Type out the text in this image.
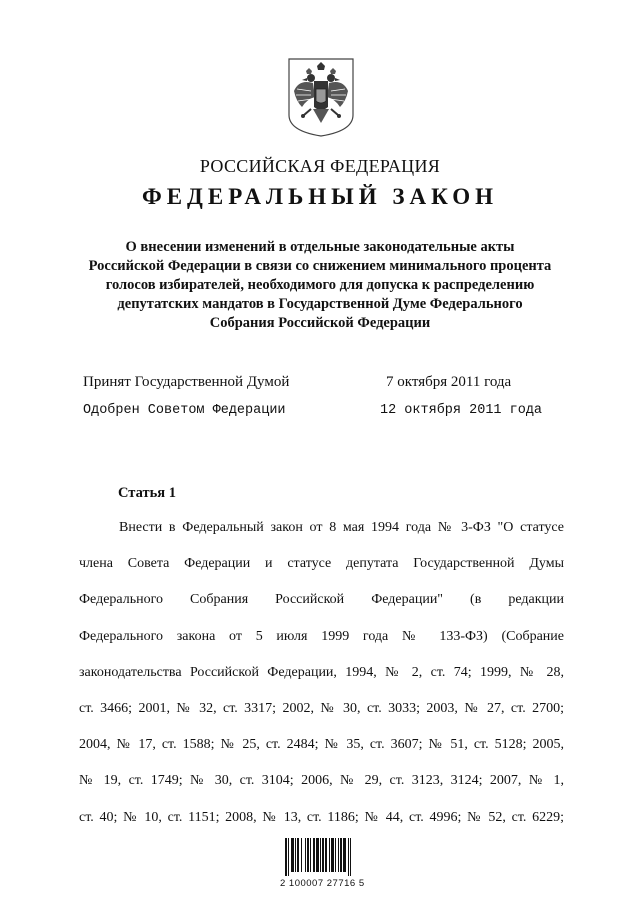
РОССИЙСКАЯ ФЕДЕРАЦИЯ
ФЕДЕРАЛЬНЫЙ ЗАКОН
О внесении изменений в отдельные законодательные акты
Российской Федерации в связи со снижением минимального процента
голосов избирателей, необходимого для допуска к распределению
депутатских мандатов в Государственной Думе Федерального
Собрания Российской Федерации
Принят Государственной Думой	7 октября 2011 года
Одобрен Советом Федерации	12 октября 2011 года
Статья 1
Внести в Федеральный закон от 8 мая 1994 года № 3-ФЗ "О статусе
члена Совета Федерации и статусе депутата Государственной Думы
Федерального Собрания Российской Федерации" (в редакции
Федерального закона от 5 июля 1999 года № 133-ФЗ) (Собрание
законодательства Российской Федерации, 1994, № 2, ст. 74; 1999, № 28,
ст. 3466; 2001, № 32, ст. 3317; 2002, № 30, ст. 3033; 2003, № 27, ст. 2700;
2004, № 17, ст. 1588; № 25, ст. 2484; № 35, ст. 3607; № 51, ст. 5128; 2005,
№ 19, ст. 1749; № 30, ст. 3104; 2006, № 29, ст. 3123, 3124; 2007, № 1,
ст. 40; № 10, ст. 1151; 2008, № 13, ст. 1186; № 44, ст. 4996; № 52, ст. 6229;
2 100007 27716 5
